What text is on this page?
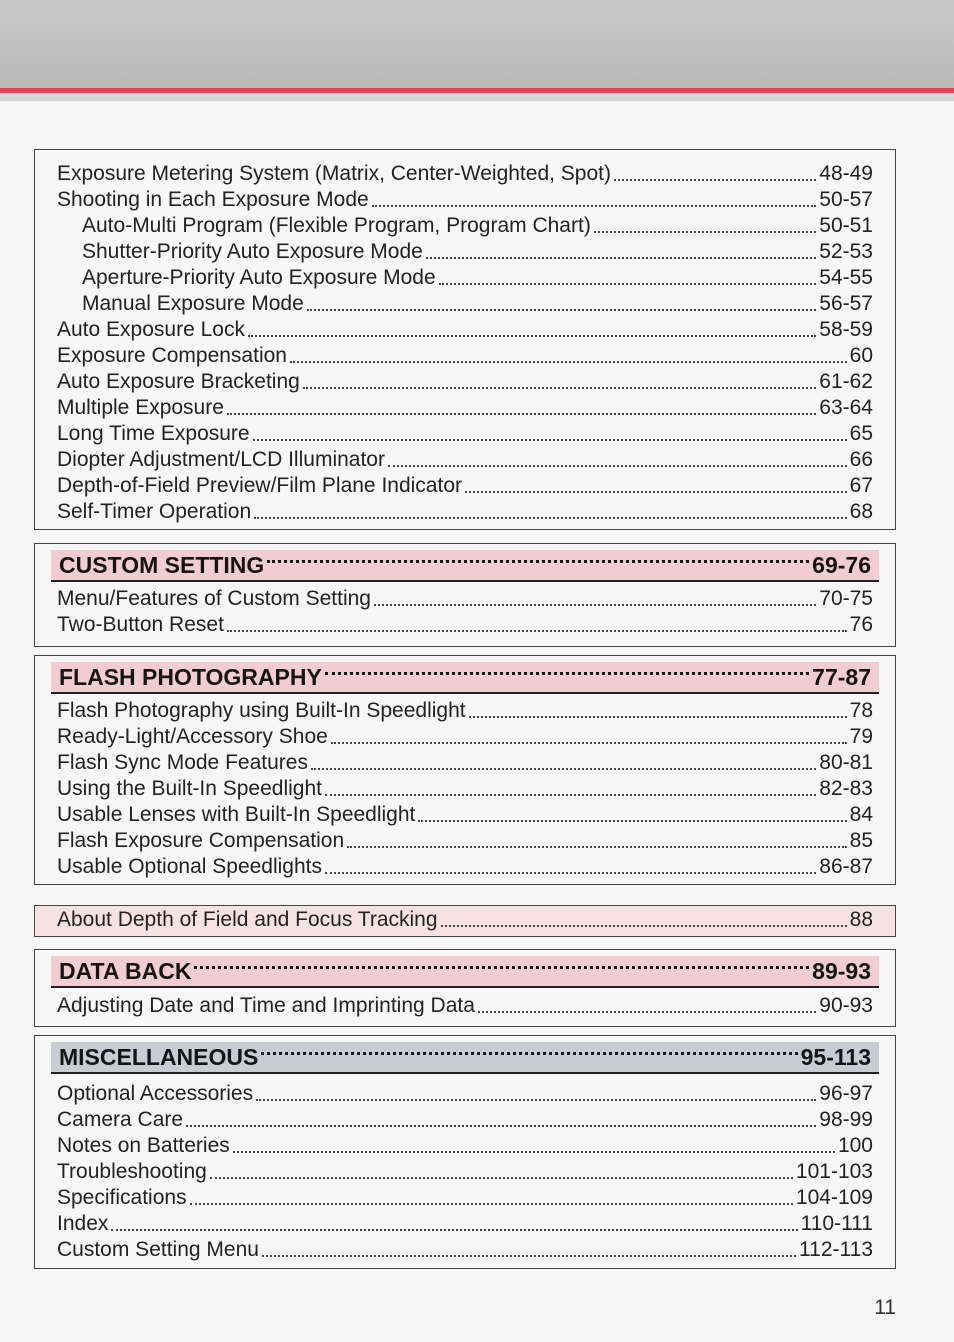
Exposure Metering System (Matrix, Center-Weighted, Spot)	48-49
Shooting in Each Exposure Mode	50-57
Auto-Multi Program (Flexible Program, Program Chart)	50-51
Shutter-Priority Auto Exposure Mode	52-53
Aperture-Priority Auto Exposure Mode	54-55
Manual Exposure Mode	56-57
Auto Exposure Lock	58-59
Exposure Compensation	60
Auto Exposure Bracketing	61-62
Multiple Exposure	63-64
Long Time Exposure	65
Diopter Adjustment/LCD Illuminator	66
Depth-of-Field Preview/Film Plane Indicator	67
Self-Timer Operation	68
CUSTOM SETTING	69-76
Menu/Features of Custom Setting	70-75
Two-Button Reset	76
FLASH PHOTOGRAPHY	77-87
Flash Photography using Built-In Speedlight	78
Ready-Light/Accessory Shoe	79
Flash Sync Mode Features	80-81
Using the Built-In Speedlight	82-83
Usable Lenses with Built-In Speedlight	84
Flash Exposure Compensation	85
Usable Optional Speedlights	86-87
About Depth of Field and Focus Tracking	88
DATA BACK	89-93
Adjusting Date and Time and Imprinting Data	90-93
MISCELLANEOUS	95-113
Optional Accessories	96-97
Camera Care	98-99
Notes on Batteries	100
Troubleshooting	101-103
Specifications	104-109
Index	110-111
Custom Setting Menu	112-113
11
